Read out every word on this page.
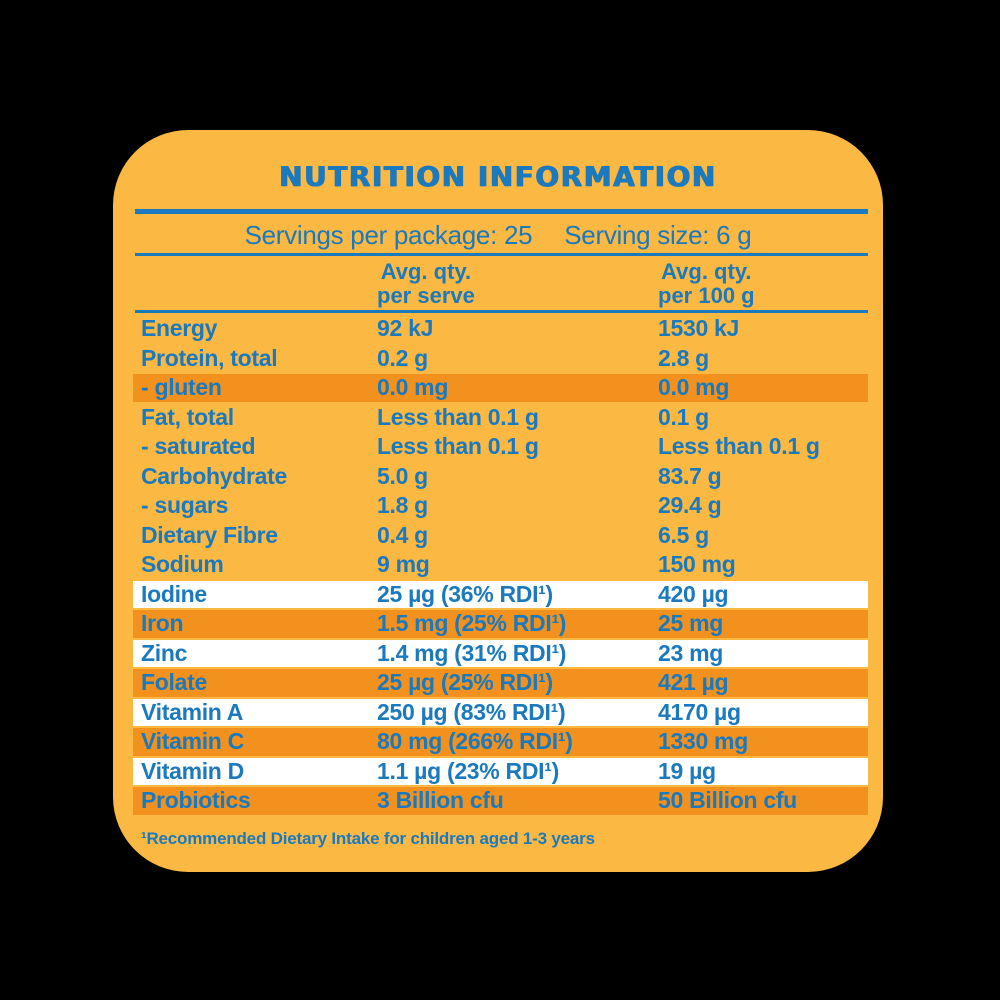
NUTRITION INFORMATION
Servings per package: 25 Serving size: 6 g
Avg. qty.
per serve
Avg. qty.
per 100 g
Energy	92 kJ	1530 kJ
Protein, total	0.2 g	2.8 g
- gluten	0.0 mg	0.0 mg
Fat, total	Less than 0.1 g	0.1 g
- saturated	Less than 0.1 g	Less than 0.1 g
Carbohydrate	5.0 g	83.7 g
- sugars	1.8 g	29.4 g
Dietary Fibre	0.4 g	6.5 g
Sodium	9 mg	150 mg
Iodine	25 µg (36% RDI¹)	420 µg
Iron	1.5 mg (25% RDI¹)	25 mg
Zinc	1.4 mg (31% RDI¹)	23 mg
Folate	25 µg (25% RDI¹)	421 µg
Vitamin A	250 µg (83% RDI¹)	4170 µg
Vitamin C	80 mg (266% RDI¹)	1330 mg
Vitamin D	1.1 µg (23% RDI¹)	19 µg
Probiotics	3 Billion cfu	50 Billion cfu
¹Recommended Dietary Intake for children aged 1-3 years
